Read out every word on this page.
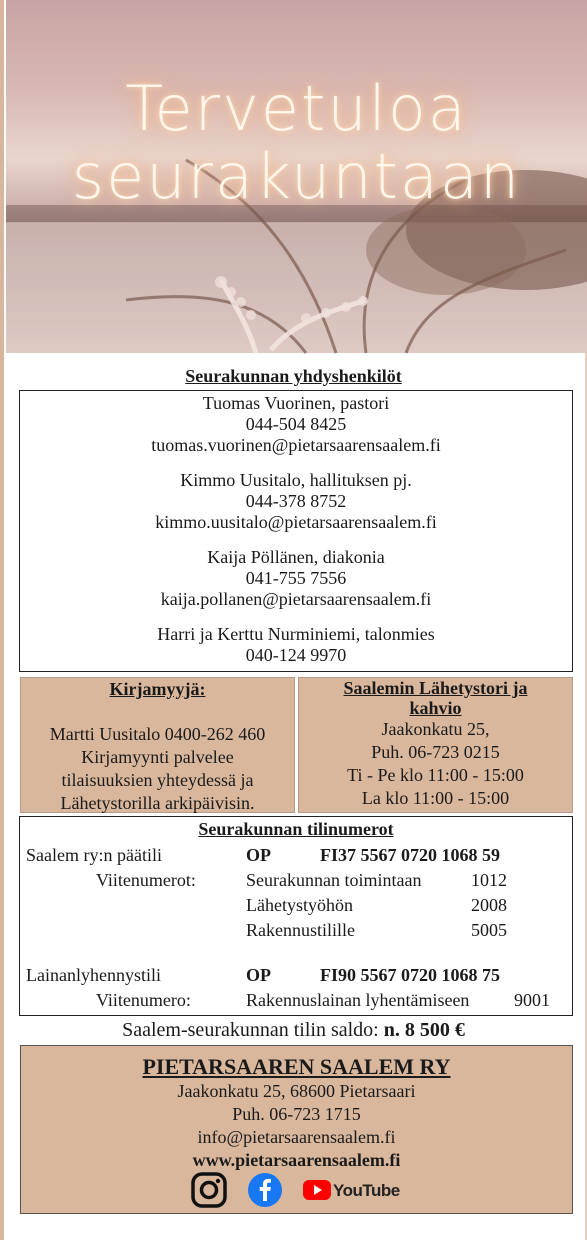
Tervetuloa
seurakuntaan
Seurakunnan yhdyshenkilöt
Tuomas Vuorinen, pastori
044-504 8425
tuomas.vuorinen@pietarsaarensaalem.fi
Kimmo Uusitalo, hallituksen pj.
044-378 8752
kimmo.uusitalo@pietarsaarensaalem.fi
Kaija Pöllänen, diakonia
041-755 7556
kaija.pollanen@pietarsaarensaalem.fi
Harri ja Kerttu Nurminiemi, talonmies
040-124 9970
Kirjamyyjä:
Martti Uusitalo 0400-262 460
Kirjamyynti palvelee
tilaisuuksien yhteydessä ja
Lähetystorilla arkipäivisin.
Saalemin Lähetystori ja
kahvio
Jaakonkatu 25,
Puh. 06-723 0215
Ti - Pe klo 11:00 - 15:00
La klo 11:00 - 15:00
Seurakunnan tilinumerot
Saalem ry:n päätili	OP	FI37 5567 0720 1068 59
Viitenumerot:	Seurakunnan toimintaan	1012
Lähetystyöhön	2008
Rakennustilille	5005
Lainanlyhennystili	OP	FI90 5567 0720 1068 75
Viitenumero:	Rakennuslainan lyhentämiseen 9001
Saalem-seurakunnan tilin saldo: n. 8 500 €
PIETARSAAREN SAALEM RY
Jaakonkatu 25, 68600 Pietarsaari
Puh. 06-723 1715
info@pietarsaarensaalem.fi
www.pietarsaarensaalem.fi
YouTube
